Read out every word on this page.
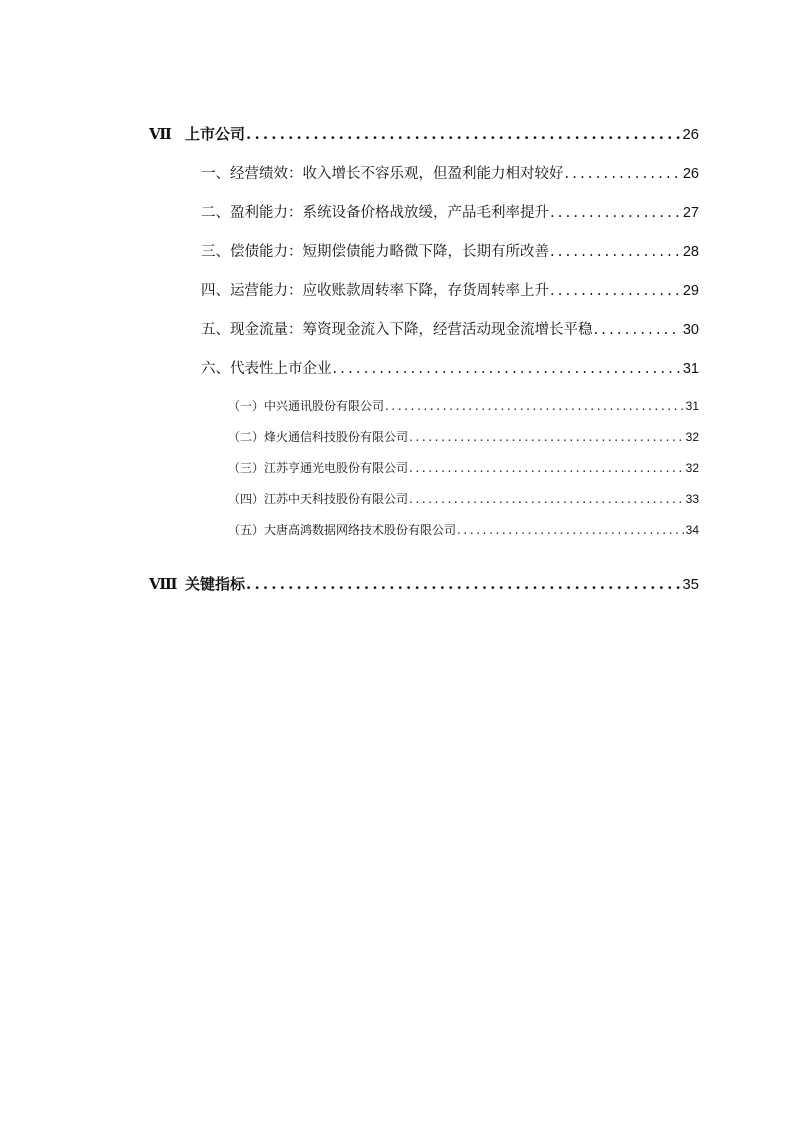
Ⅶ 上市公司 .....	26
一、经营绩效：收入增长不容乐观，但盈利能力相对较好 .....	26
二、盈利能力：系统设备价格战放缓，产品毛利率提升 .....	27
三、偿债能力：短期偿债能力略微下降，长期有所改善 .....	28
四、运营能力：应收账款周转率下降，存货周转率上升 .....	29
五、现金流量：筹资现金流入下降，经营活动现金流增长平稳 .....	30
六、代表性上市企业 .....	31
（一）中兴通讯股份有限公司 .....	31
（二）烽火通信科技股份有限公司 .....	32
（三）江苏亨通光电股份有限公司 .....	32
（四）江苏中天科技股份有限公司 .....	33
（五）大唐高鸿数据网络技术股份有限公司 .....	34
Ⅷ 关键指标 .....	35
